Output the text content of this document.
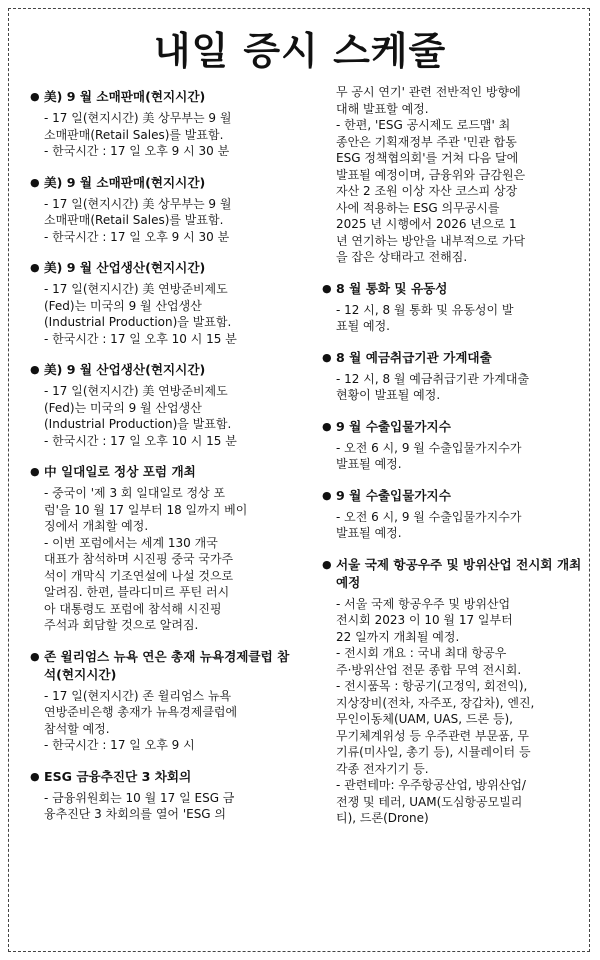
내일 증시 스케줄
● 美) 9 월 소매판매(현지시간)
- 17 일(현지시간) 美 상무부는 9 월
소매판매(Retail Sales)를 발표함.
- 한국시간 : 17 일 오후 9 시 30 분
● 美) 9 월 소매판매(현지시간)
- 17 일(현지시간) 美 상무부는 9 월
소매판매(Retail Sales)를 발표함.
- 한국시간 : 17 일 오후 9 시 30 분
● 美) 9 월 산업생산(현지시간)
- 17 일(현지시간) 美 연방준비제도
(Fed)는 미국의 9 월 산업생산
(Industrial Production)을 발표함.
- 한국시간 : 17 일 오후 10 시 15 분
● 美) 9 월 산업생산(현지시간)
- 17 일(현지시간) 美 연방준비제도
(Fed)는 미국의 9 월 산업생산
(Industrial Production)을 발표함.
- 한국시간 : 17 일 오후 10 시 15 분
● 中 일대일로 정상 포럼 개최
- 중국이 '제 3 회 일대일로 정상 포
럼'을 10 월 17 일부터 18 일까지 베이
징에서 개최할 예정.
- 이번 포럼에서는 세계 130 개국
대표가 참석하며 시진핑 중국 국가주
석이 개막식 기조연설에 나설 것으로
알려짐. 한편, 블라디미르 푸틴 러시
아 대통령도 포럼에 참석해 시진핑
주석과 회담할 것으로 알려짐.
● 존 윌리엄스 뉴욕 연은 총재 뉴욕경제클럽 참석(현지시간)
- 17 일(현지시간) 존 윌리엄스 뉴욕
연방준비은행 총재가 뉴욕경제클럽에
참석할 예정.
- 한국시간 : 17 일 오후 9 시
● ESG 금융추진단 3 차회의
- 금융위원회는 10 월 17 일 ESG 금
융추진단 3 차회의를 열어 'ESG 의
무 공시 연기' 관련 전반적인 방향에
대해 발표할 예정.
- 한편, 'ESG 공시제도 로드맵' 최
종안은 기획재정부 주관 '민관 합동
ESG 정책협의회'를 거쳐 다음 달에
발표될 예정이며, 금융위와 금감원은
자산 2 조원 이상 자산 코스피 상장
사에 적용하는 ESG 의무공시를
2025 년 시행에서 2026 년으로 1
년 연기하는 방안을 내부적으로 가닥
을 잡은 상태라고 전해짐.
● 8 월 통화 및 유동성
- 12 시, 8 월 통화 및 유동성이 발
표될 예정.
● 8 월 예금취급기관 가계대출
- 12 시, 8 월 예금취급기관 가계대출
현황이 발표될 예정.
● 9 월 수출입물가지수
- 오전 6 시, 9 월 수출입물가지수가
발표될 예정.
● 9 월 수출입물가지수
- 오전 6 시, 9 월 수출입물가지수가
발표될 예정.
● 서울 국제 항공우주 및 방위산업 전시회 개최 예정
- 서울 국제 항공우주 및 방위산업
전시회 2023 이 10 월 17 일부터
22 일까지 개최될 예정.
- 전시회 개요 : 국내 최대 항공우
주·방위산업 전문 종합 무역 전시회.
- 전시품목 : 항공기(고정익, 회전익),
지상장비(전차, 자주포, 장갑차), 엔진,
무인이동체(UAM, UAS, 드론 등),
무기체계위성 등 우주관련 부문품, 무
기류(미사일, 총기 등), 시뮬레이터 등
각종 전자기기 등.
- 관련테마: 우주항공산업, 방위산업/
전쟁 및 테러, UAM(도심항공모빌리
티), 드론(Drone)
